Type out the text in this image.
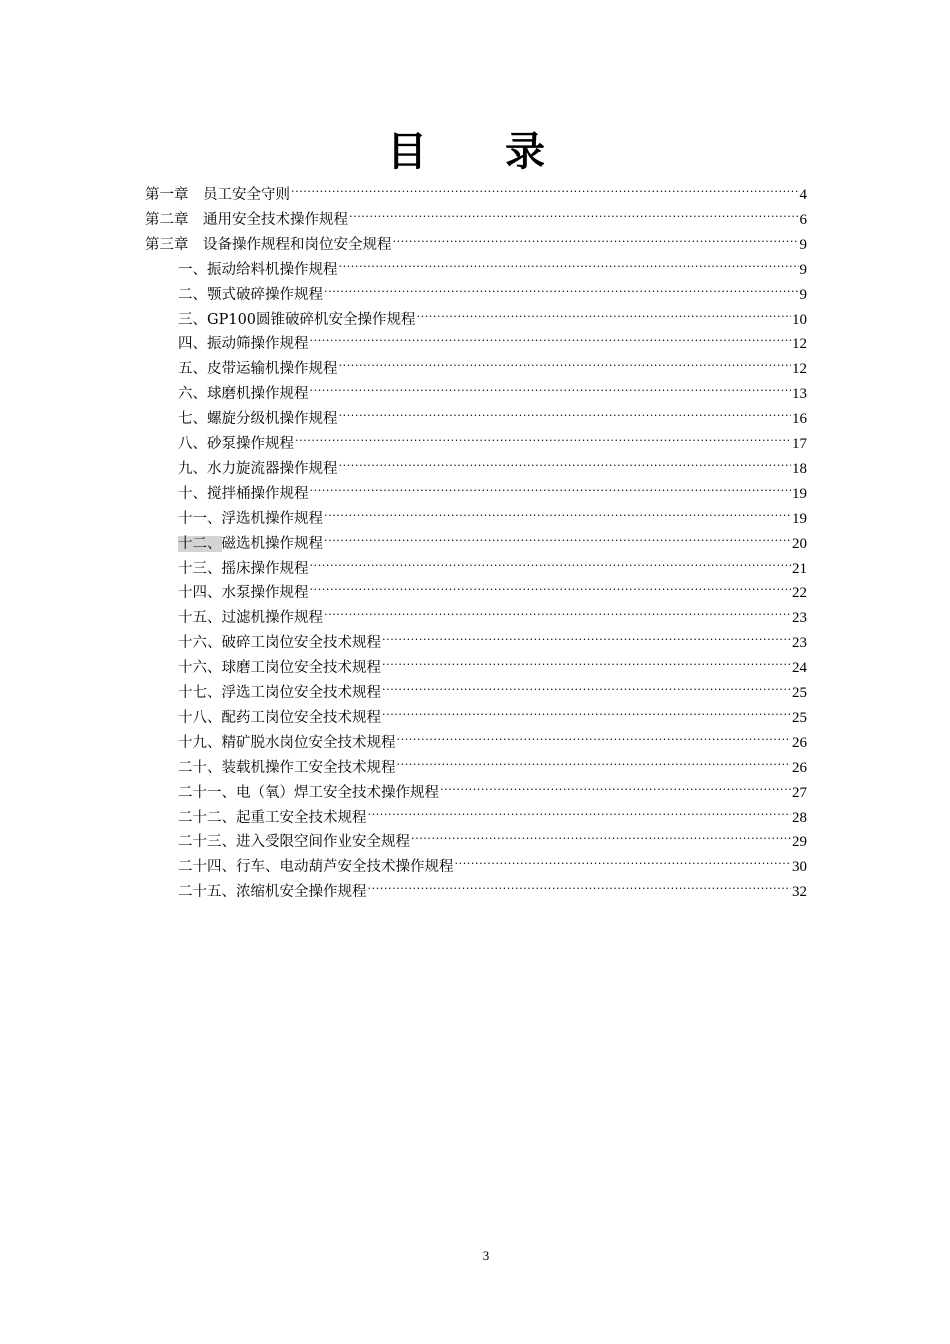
目 录
第一章　员工安全守则 .....	4
第二章　通用安全技术操作规程 .....	6
第三章　设备操作规程和岗位安全规程 .....	9
一、振动给料机操作规程 .....	9
二、颚式破碎操作规程 .....	9
三、GP100圆锥破碎机安全操作规程 .....	10
四、振动筛操作规程 .....	12
五、皮带运输机操作规程 .....	12
六、球磨机操作规程 .....	13
七、螺旋分级机操作规程 .....	16
八、砂泵操作规程 .....	17
九、水力旋流器操作规程 .....	18
十、搅拌桶操作规程 .....	19
十一、浮选机操作规程 .....	19
十二、磁选机操作规程 .....	20
十三、摇床操作规程 .....	21
十四、水泵操作规程 .....	22
十五、过滤机操作规程 .....	23
十六、破碎工岗位安全技术规程 .....	23
十六、球磨工岗位安全技术规程 .....	24
十七、浮选工岗位安全技术规程 .....	25
十八、配药工岗位安全技术规程 .....	25
十九、精矿脱水岗位安全技术规程 .....	26
二十、装载机操作工安全技术规程 .....	26
二十一、电（氧）焊工安全技术操作规程 .....	27
二十二、起重工安全技术规程 .....	28
二十三、进入受限空间作业安全规程 .....	29
二十四、行车、电动葫芦安全技术操作规程 .....	30
二十五、浓缩机安全操作规程 .....	32
3
